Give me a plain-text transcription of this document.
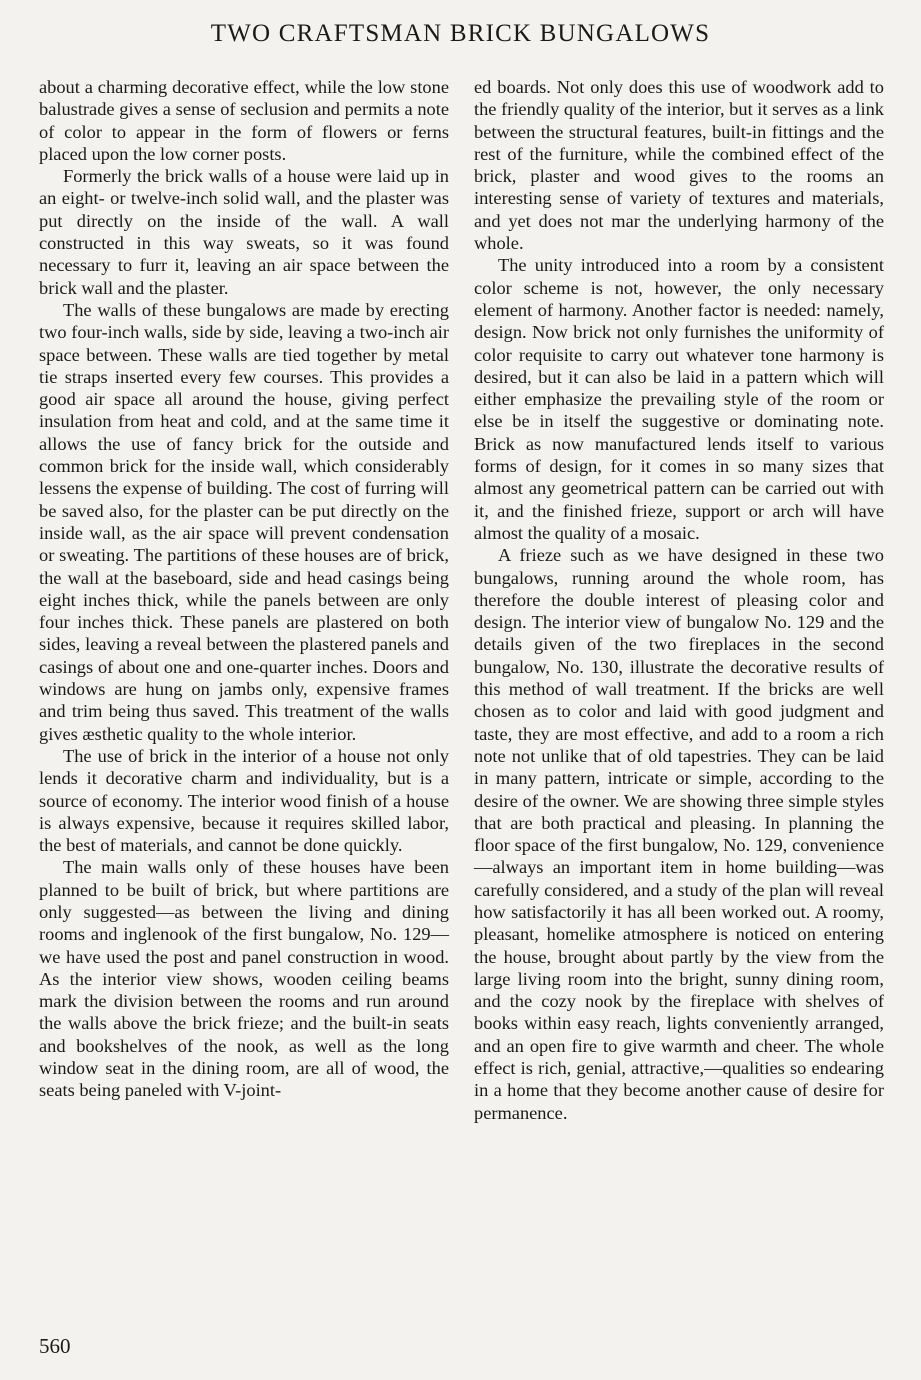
TWO CRAFTSMAN BRICK BUNGALOWS

about a charming decorative effect, while the low stone balustrade gives a sense of seclusion and permits a note of color to appear in the form of flowers or ferns placed upon the low corner posts.

Formerly the brick walls of a house were laid up in an eight- or twelve-inch solid wall, and the plaster was put directly on the inside of the wall. A wall constructed in this way sweats, so it was found necessary to furr it, leaving an air space between the brick wall and the plaster.

The walls of these bungalows are made by erecting two four-inch walls, side by side, leaving a two-inch air space between. These walls are tied together by metal tie straps inserted every few courses. This provides a good air space all around the house, giving perfect insulation from heat and cold, and at the same time it allows the use of fancy brick for the outside and common brick for the inside wall, which considerably lessens the expense of building. The cost of furring will be saved also, for the plaster can be put directly on the inside wall, as the air space will prevent condensation or sweating. The partitions of these houses are of brick, the wall at the baseboard, side and head casings being eight inches thick, while the panels between are only four inches thick. These panels are plastered on both sides, leaving a reveal between the plastered panels and casings of about one and one-quarter inches. Doors and windows are hung on jambs only, expensive frames and trim being thus saved. This treatment of the walls gives æsthetic quality to the whole interior.

The use of brick in the interior of a house not only lends it decorative charm and individuality, but is a source of economy. The interior wood finish of a house is always expensive, because it requires skilled labor, the best of materials, and cannot be done quickly.

The main walls only of these houses have been planned to be built of brick, but where partitions are only suggested—as between the living and dining rooms and inglenook of the first bungalow, No. 129—we have used the post and panel construction in wood. As the interior view shows, wooden ceiling beams mark the division between the rooms and run around the walls above the brick frieze; and the built-in seats and bookshelves of the nook, as well as the long window seat in the dining room, are all of wood, the seats being paneled with V-joint-

ed boards. Not only does this use of woodwork add to the friendly quality of the interior, but it serves as a link between the structural features, built-in fittings and the rest of the furniture, while the combined effect of the brick, plaster and wood gives to the rooms an interesting sense of variety of textures and materials, and yet does not mar the underlying harmony of the whole.

The unity introduced into a room by a consistent color scheme is not, however, the only necessary element of harmony. Another factor is needed: namely, design. Now brick not only furnishes the uniformity of color requisite to carry out whatever tone harmony is desired, but it can also be laid in a pattern which will either emphasize the prevailing style of the room or else be in itself the suggestive or dominating note. Brick as now manufactured lends itself to various forms of design, for it comes in so many sizes that almost any geometrical pattern can be carried out with it, and the finished frieze, support or arch will have almost the quality of a mosaic.

A frieze such as we have designed in these two bungalows, running around the whole room, has therefore the double interest of pleasing color and design. The interior view of bungalow No. 129 and the details given of the two fireplaces in the second bungalow, No. 130, illustrate the decorative results of this method of wall treatment. If the bricks are well chosen as to color and laid with good judgment and taste, they are most effective, and add to a room a rich note not unlike that of old tapestries. They can be laid in many pattern, intricate or simple, according to the desire of the owner. We are showing three simple styles that are both practical and pleasing. In planning the floor space of the first bungalow, No. 129, convenience—always an important item in home building—was carefully considered, and a study of the plan will reveal how satisfactorily it has all been worked out. A roomy, pleasant, homelike atmosphere is noticed on entering the house, brought about partly by the view from the large living room into the bright, sunny dining room, and the cozy nook by the fireplace with shelves of books within easy reach, lights conveniently arranged, and an open fire to give warmth and cheer. The whole effect is rich, genial, attractive,—qualities so endearing in a home that they become another cause of desire for permanence.

560
